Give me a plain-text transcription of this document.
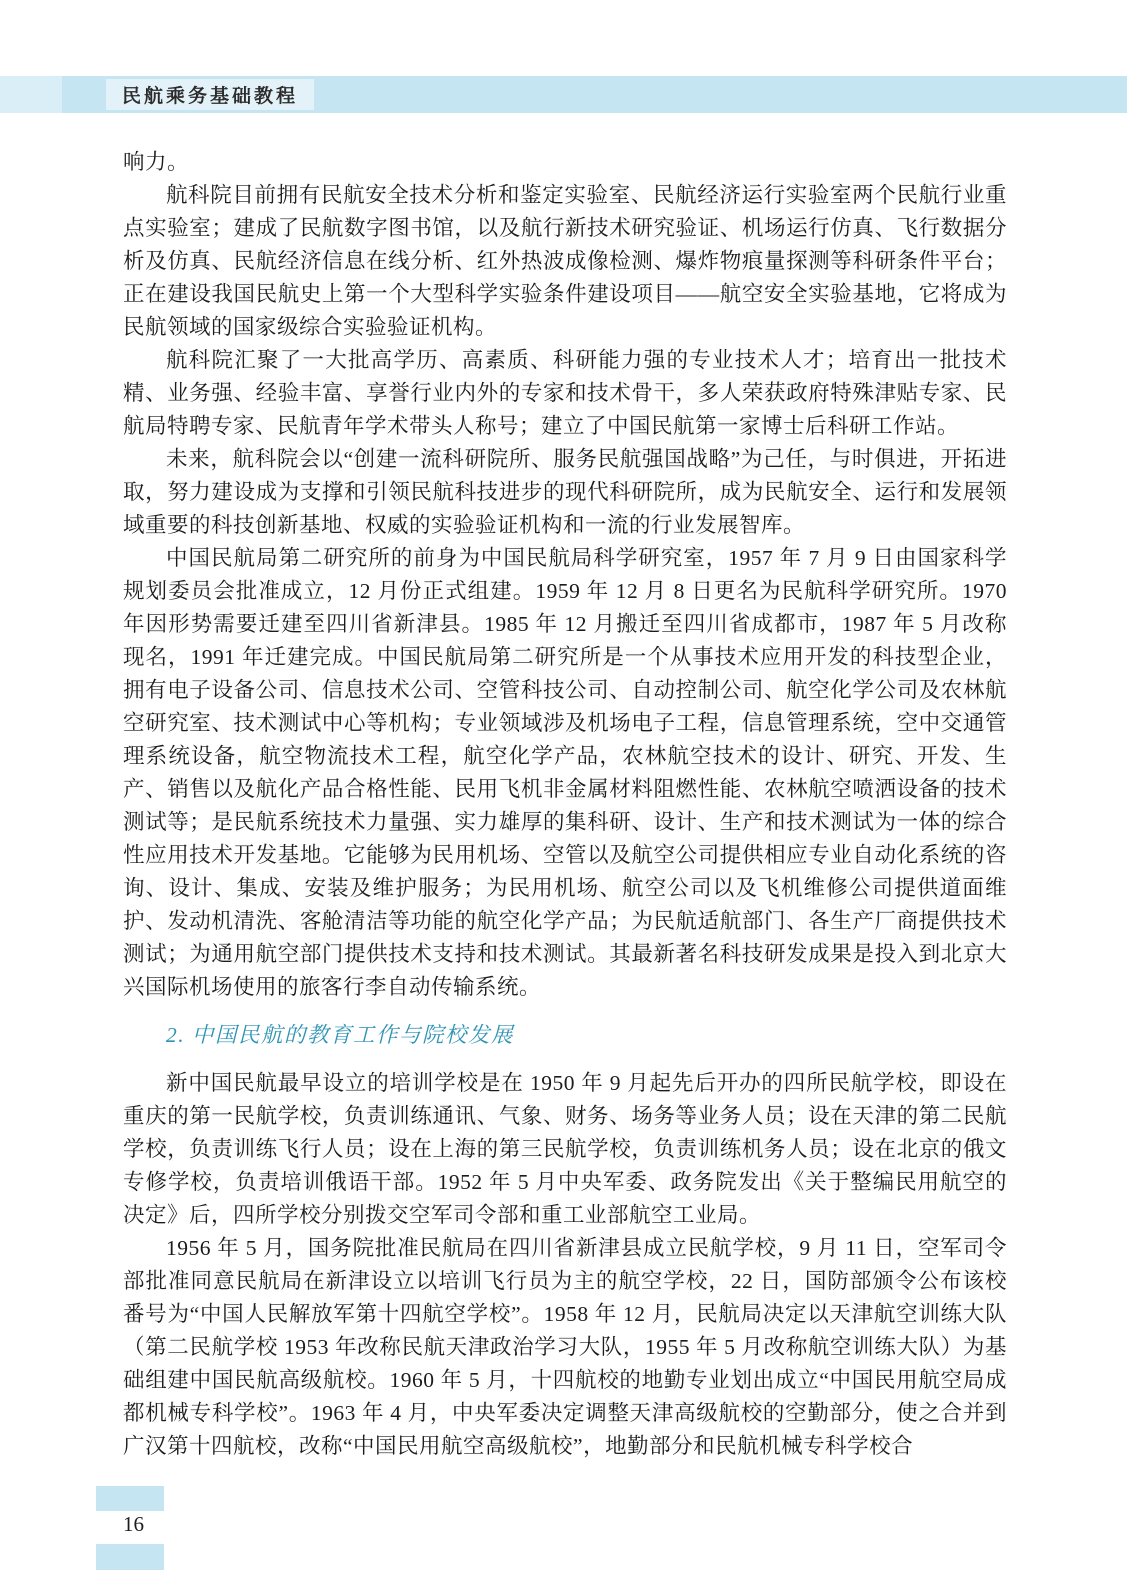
民航乘务基础教程

响力。

航科院目前拥有民航安全技术分析和鉴定实验室、民航经济运行实验室两个民航行业重点实验室；建成了民航数字图书馆，以及航行新技术研究验证、机场运行仿真、飞行数据分析及仿真、民航经济信息在线分析、红外热波成像检测、爆炸物痕量探测等科研条件平台；正在建设我国民航史上第一个大型科学实验条件建设项目——航空安全实验基地，它将成为民航领域的国家级综合实验验证机构。

航科院汇聚了一大批高学历、高素质、科研能力强的专业技术人才；培育出一批技术精、业务强、经验丰富、享誉行业内外的专家和技术骨干，多人荣获政府特殊津贴专家、民航局特聘专家、民航青年学术带头人称号；建立了中国民航第一家博士后科研工作站。

未来，航科院会以“创建一流科研院所、服务民航强国战略”为己任，与时俱进，开拓进取，努力建设成为支撑和引领民航科技进步的现代科研院所，成为民航安全、运行和发展领域重要的科技创新基地、权威的实验验证机构和一流的行业发展智库。

中国民航局第二研究所的前身为中国民航局科学研究室，1957 年 7 月 9 日由国家科学规划委员会批准成立，12 月份正式组建。1959 年 12 月 8 日更名为民航科学研究所。1970 年因形势需要迁建至四川省新津县。1985 年 12 月搬迁至四川省成都市，1987 年 5 月改称现名，1991 年迁建完成。中国民航局第二研究所是一个从事技术应用开发的科技型企业，拥有电子设备公司、信息技术公司、空管科技公司、自动控制公司、航空化学公司及农林航空研究室、技术测试中心等机构；专业领域涉及机场电子工程，信息管理系统，空中交通管理系统设备，航空物流技术工程，航空化学产品，农林航空技术的设计、研究、开发、生产、销售以及航化产品合格性能、民用飞机非金属材料阻燃性能、农林航空喷洒设备的技术测试等；是民航系统技术力量强、实力雄厚的集科研、设计、生产和技术测试为一体的综合性应用技术开发基地。它能够为民用机场、空管以及航空公司提供相应专业自动化系统的咨询、设计、集成、安装及维护服务；为民用机场、航空公司以及飞机维修公司提供道面维护、发动机清洗、客舱清洁等功能的航空化学产品；为民航适航部门、各生产厂商提供技术测试；为通用航空部门提供技术支持和技术测试。其最新著名科技研发成果是投入到北京大兴国际机场使用的旅客行李自动传输系统。

2. 中国民航的教育工作与院校发展

新中国民航最早设立的培训学校是在 1950 年 9 月起先后开办的四所民航学校，即设在重庆的第一民航学校，负责训练通讯、气象、财务、场务等业务人员；设在天津的第二民航学校，负责训练飞行人员；设在上海的第三民航学校，负责训练机务人员；设在北京的俄文专修学校，负责培训俄语干部。1952 年 5 月中央军委、政务院发出《关于整编民用航空的决定》后，四所学校分别拨交空军司令部和重工业部航空工业局。

1956 年 5 月，国务院批准民航局在四川省新津县成立民航学校，9 月 11 日，空军司令部批准同意民航局在新津设立以培训飞行员为主的航空学校，22 日，国防部颁令公布该校番号为“中国人民解放军第十四航空学校”。1958 年 12 月，民航局决定以天津航空训练大队（第二民航学校 1953 年改称民航天津政治学习大队，1955 年 5 月改称航空训练大队）为基础组建中国民航高级航校。1960 年 5 月，十四航校的地勤专业划出成立“中国民用航空局成都机械专科学校”。1963 年 4 月，中央军委决定调整天津高级航校的空勤部分，使之合并到广汉第十四航校，改称“中国民用航空高级航校”，地勤部分和民航机械专科学校合

16
